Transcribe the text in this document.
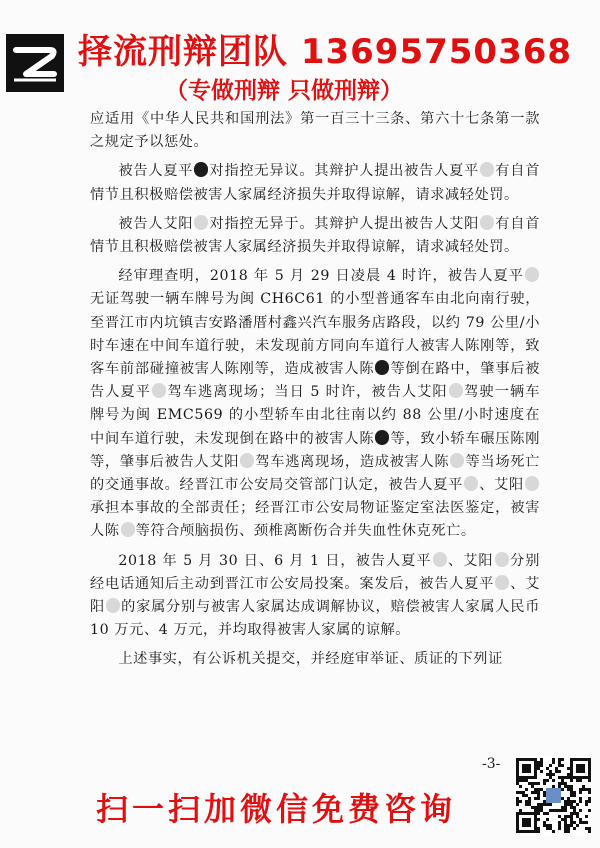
择流刑辩团队 13695750368
（专做刑辩 只做刑辩）

应适用《中华人民共和国刑法》第一百三十三条、第六十七条第一款之规定予以惩处。

被告人夏平 对指控无异议。其辩护人提出被告人夏平 有自首情节且积极赔偿被害人家属经济损失并取得谅解，请求减轻处罚。

被告人艾阳 对指控无异于。其辩护人提出被告人艾阳 有自首情节且积极赔偿被害人家属经济损失并取得谅解，请求减轻处罚。

经审理查明，2018 年 5 月 29 日凌晨 4 时许，被告人夏平无证驾驶一辆车牌号为闽 CH6C61 的小型普通客车由北向南行驶，至晋江市内坑镇吉安路潘厝村鑫兴汽车服务店路段，以约 79 公里/小时车速在中间车道行驶，未发现前方同向车道行人被害人陈刚等，致客车前部碰撞被害人陈刚等，造成被害人陈 等倒在路中，肇事后被告人夏平 驾车逃离现场；当日 5 时许，被告人艾阳 驾驶一辆车牌号为闽 EMC569 的小型轿车由北往南以约 88 公里/小时速度在中间车道行驶，未发现倒在路中的被害人陈 等，致小轿车碾压陈刚等，肇事后被告人艾阳 驾车逃离现场，造成被害人陈 等当场死亡的交通事故。经晋江市公安局交管部门认定，被告人夏平 、艾阳承担本事故的全部责任；经晋江市公安局物证鉴定室法医鉴定，被害人陈 等符合颅脑损伤、颈椎离断伤合并失血性休克死亡。

2018 年 5 月 30 日、6 月 1 日，被告人夏平 、艾阳 分别经电话通知后主动到晋江市公安局投案。案发后，被告人夏平 、艾阳 的家属分别与被害人家属达成调解协议，赔偿被害人家属人民币 10 万元、4 万元，并均取得被害人家属的谅解。

上述事实，有公诉机关提交，并经庭审举证、质证的下列证

-3-
扫一扫加微信免费咨询
